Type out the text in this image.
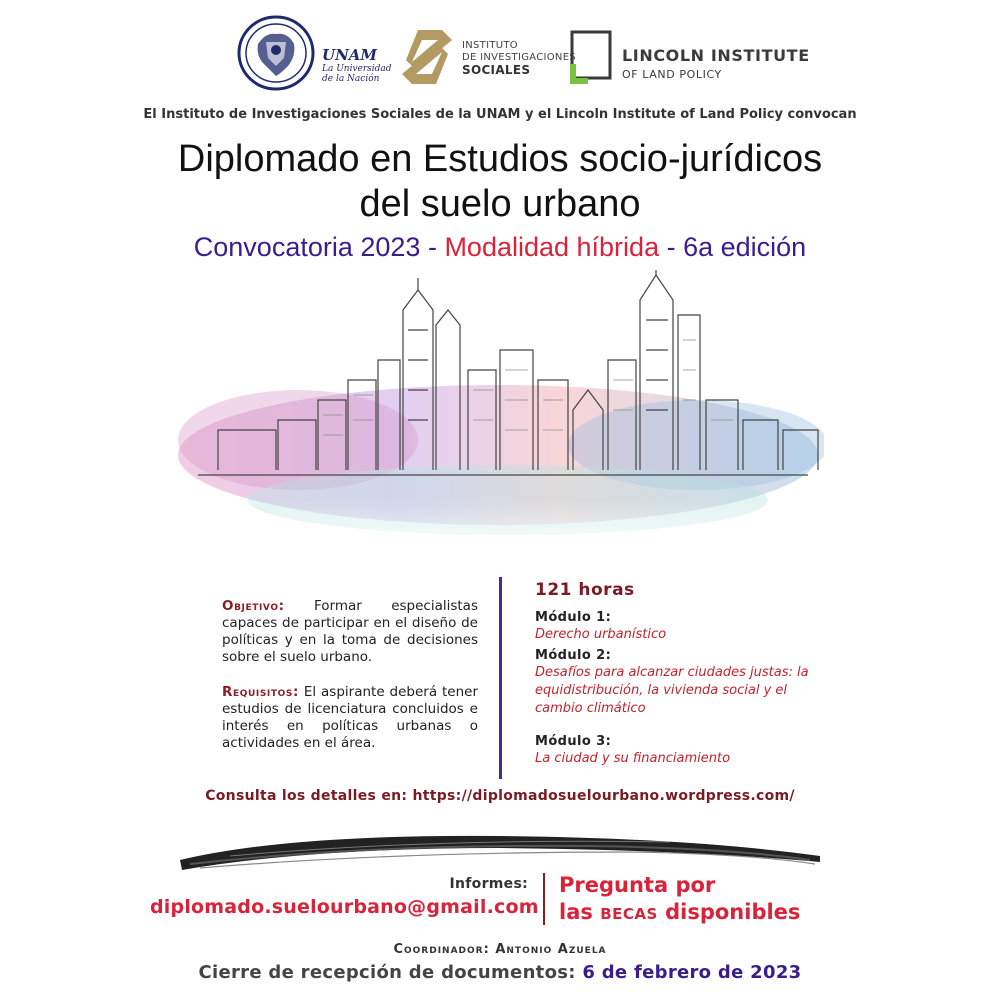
UNAM
La Universidad de la Nación
INSTITUTO
DE INVESTIGACIONES
SOCIALES
LINCOLN INSTITUTE
OF LAND POLICY
El Instituto de Investigaciones Sociales de la UNAM y el Lincoln Institute of Land Policy convocan
Diplomado en Estudios socio-jurídicos
del suelo urbano
Convocatoria 2023 - Modalidad híbrida - 6a edición

Objetivo: Formar especialistas capaces de participar en el diseño de políticas y en la toma de decisiones sobre el suelo urbano.

Requisitos: El aspirante deberá tener estudios de licenciatura concluidos e interés en políticas urbanas o actividades en el área.

121 horas
Módulo 1:
Derecho urbanístico
Módulo 2:
Desafíos para alcanzar ciudades justas: la equidistribución, la vivienda social y el cambio climático
Módulo 3:
La ciudad y su financiamiento
Consulta los detalles en: https://diplomadosuelourbano.wordpress.com/
Informes:
diplomado.suelourbano@gmail.com
Pregunta por
las becas disponibles
Coordinador: Antonio Azuela
Cierre de recepción de documentos: 6 de febrero de 2023
